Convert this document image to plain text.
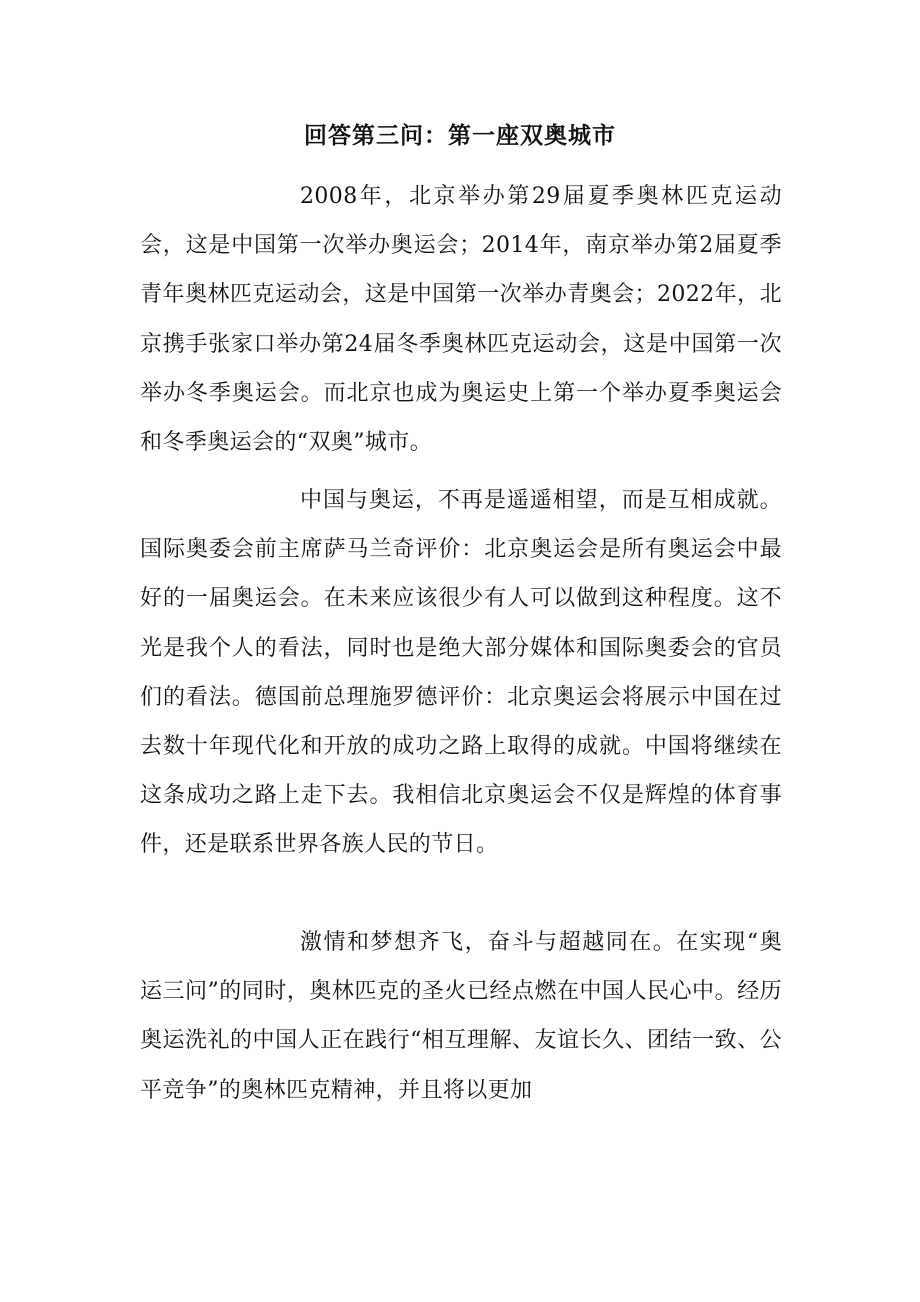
回答第三问：第一座双奥城市

2008年，北京举办第29届夏季奥林匹克运动会，这是中国第一次举办奥运会；2014年，南京举办第2届夏季青年奥林匹克运动会，这是中国第一次举办青奥会；2022年，北京携手张家口举办第24届冬季奥林匹克运动会，这是中国第一次举办冬季奥运会。而北京也成为奥运史上第一个举办夏季奥运会和冬季奥运会的“双奥”城市。

中国与奥运，不再是遥遥相望，而是互相成就。国际奥委会前主席萨马兰奇评价：北京奥运会是所有奥运会中最好的一届奥运会。在未来应该很少有人可以做到这种程度。这不光是我个人的看法，同时也是绝大部分媒体和国际奥委会的官员们的看法。德国前总理施罗德评价：北京奥运会将展示中国在过去数十年现代化和开放的成功之路上取得的成就。中国将继续在这条成功之路上走下去。我相信北京奥运会不仅是辉煌的体育事件，还是联系世界各族人民的节日。

激情和梦想齐飞，奋斗与超越同在。在实现“奥运三问”的同时，奥林匹克的圣火已经点燃在中国人民心中。经历奥运洗礼的中国人正在践行“相互理解、友谊长久、团结一致、公平竞争”的奥林匹克精神，并且将以更加
